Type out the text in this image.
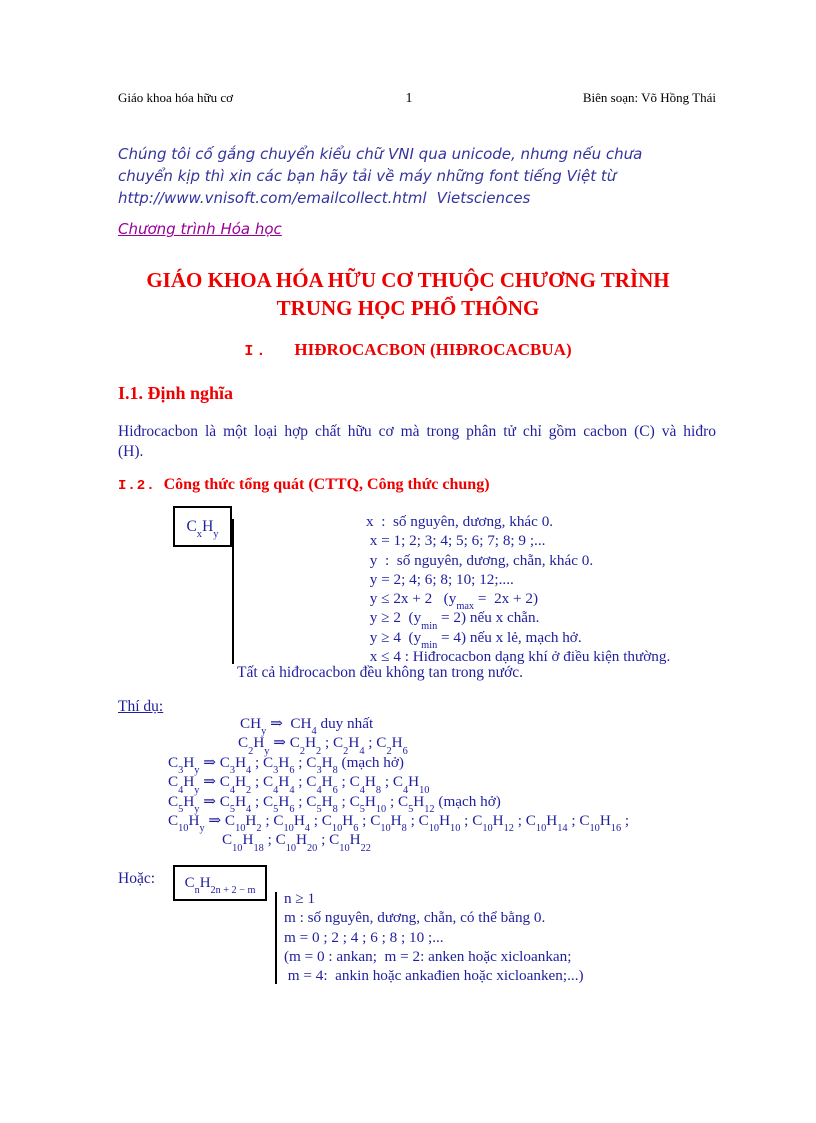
Giáo khoa hóa hữu cơ	1	Biên soạn: Võ Hồng Thái
Chúng tôi cố gắng chuyển kiểu chữ VNI qua unicode, nhưng nếu chưa
chuyển kịp thì xin các bạn hãy tải về máy những font tiếng Việt từ
http://www.vnisoft.com/emailcollect.html Vietsciences
Chương trình Hóa học
GIÁO KHOA HÓA HỮU CƠ THUỘC CHƯƠNG TRÌNH
TRUNG HỌC PHỔ THÔNG
I. HIĐROCACBON (HIĐROCACBUA)
I.1. Định nghĩa
Hiđrocacbon là một loại hợp chất hữu cơ mà trong phân tử chỉ gồm cacbon (C) và hiđro
(H).
I.2. Công thức tổng quát (CTTQ, Công thức chung)
$C_xH_y$
x  :  số nguyên, dương, khác 0.
x = 1; 2; 3; 4; 5; 6; 7; 8; 9 ;...
y  :  số nguyên, dương, chẵn, khác 0.
y = 2; 4; 6; 8; 10; 12;....
y ≤ 2x + 2   $(y_{max} = 2x + 2)$
y ≥ 2  $(y_{min} = 2)$ nếu x chẵn.
y ≥ 4  $(y_{min} = 4)$ nếu x lẻ, mạch hở.
x ≤ 4 : Hiđrocacbon dạng khí ở điều kiện thường.
Tất cả hiđrocacbon đều không tan trong nước.
Thí dụ:
$CH_y$ ⇒  $CH_4$ duy nhất
$C_2H_y$ ⇒ $C_2H_2$ ; $C_2H_4$ ; $C_2H_6$
$C_3H_y$ ⇒ $C_3H_4$ ; $C_3H_6$ ; $C_3H_8$ (mạch hở)
$C_4H_y$ ⇒ $C_4H_2$ ; $C_4H_4$ ; $C_4H_6$ ; $C_4H_8$ ; $C_4H_{10}$
$C_5H_y$ ⇒ $C_5H_4$ ; $C_5H_6$ ; $C_5H_8$ ; $C_5H_{10}$ ; $C_5H_{12}$ (mạch hở)
$C_{10}H_y$ ⇒ $C_{10}H_2$ ; $C_{10}H_4$ ; $C_{10}H_6$ ; $C_{10}H_8$ ; $C_{10}H_{10}$ ; $C_{10}H_{12}$ ; $C_{10}H_{14}$ ; $C_{10}H_{16}$ ;
$C_{10}H_{18}$ ; $C_{10}H_{20}$ ; $C_{10}H_{22}$
Hoặc: $C_nH_{2n + 2 - m}$ n ≥ 1
m : số nguyên, dương, chẵn, có thể bằng 0.
m = 0 ; 2 ; 4 ; 6 ; 8 ; 10 ;...
(m = 0 : ankan;  m = 2: anken hoặc xicloankan;
m = 4:  ankin hoặc ankađien hoặc xicloanken;...)
